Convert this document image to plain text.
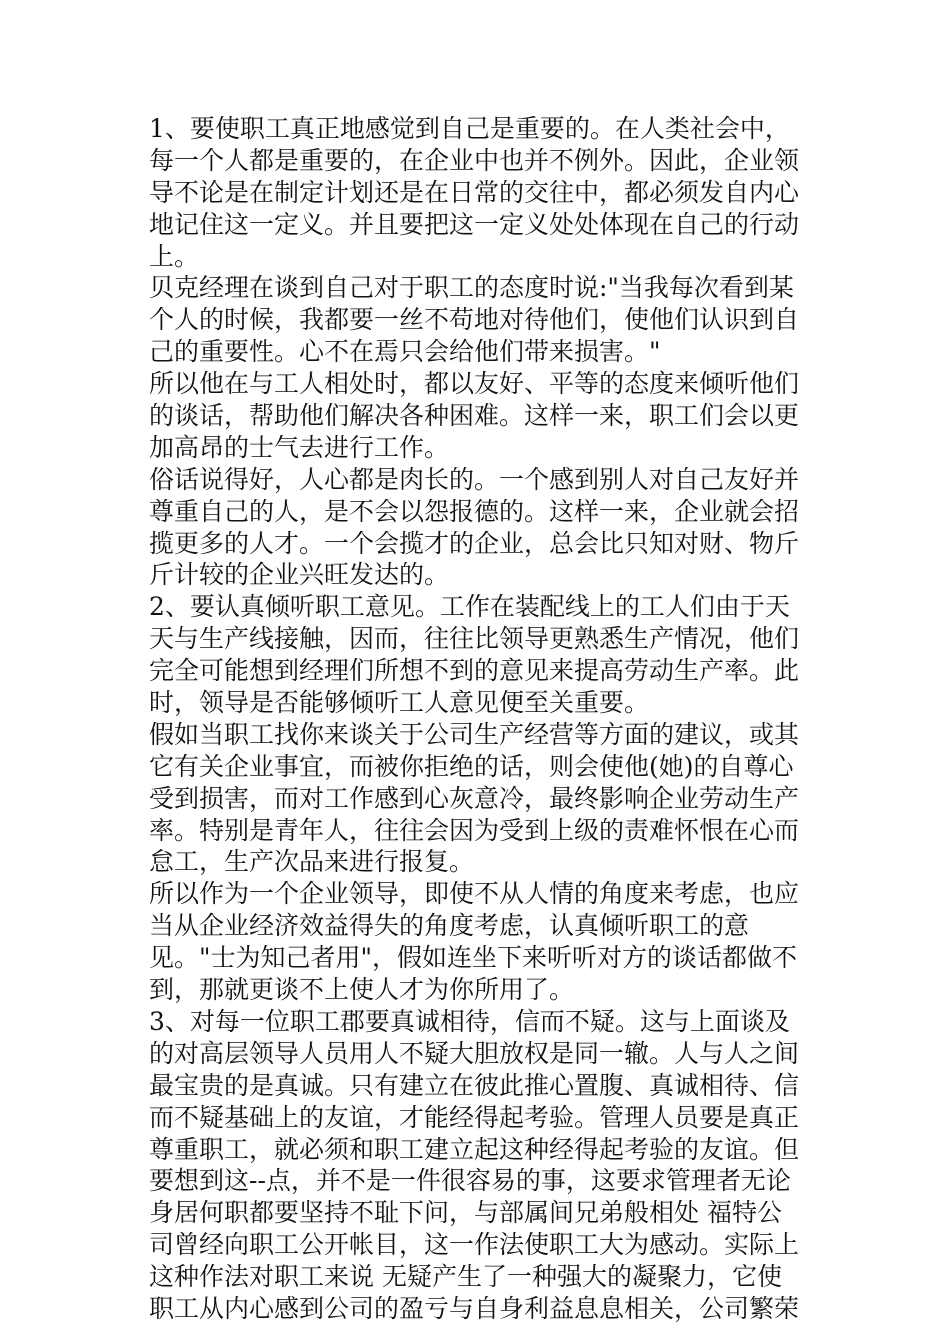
1、要使职工真正地感觉到自己是重要的。在人类社会中，
每一个人都是重要的，在企业中也并不例外。因此，企业领
导不论是在制定计划还是在日常的交往中，都必须发自内心
地记住这一定义。并且要把这一定义处处体现在自己的行动
上。
贝克经理在谈到自己对于职工的态度时说:"当我每次看到某
个人的时候，我都要一丝不苟地对待他们，使他们认识到自
己的重要性。心不在焉只会给他们带来损害。"
所以他在与工人相处时，都以友好、平等的态度来倾听他们
的谈话，帮助他们解决各种困难。这样一来，职工们会以更
加高昂的士气去进行工作。
俗话说得好，人心都是肉长的。一个感到别人对自己友好并
尊重自己的人，是不会以怨报德的。这样一来，企业就会招
揽更多的人才。一个会揽才的企业，总会比只知对财、物斤
斤计较的企业兴旺发达的。
2、要认真倾听职工意见。工作在装配线上的工人们由于天
天与生产线接触，因而，往往比领导更熟悉生产情况，他们
完全可能想到经理们所想不到的意见来提高劳动生产率。此
时，领导是否能够倾听工人意见便至关重要。
假如当职工找你来谈关于公司生产经营等方面的建议，或其
它有关企业事宜，而被你拒绝的话，则会使他(她)的自尊心
受到损害，而对工作感到心灰意冷，最终影响企业劳动生产
率。特别是青年人，往往会因为受到上级的责难怀恨在心而
怠工，生产次品来进行报复。
所以作为一个企业领导，即使不从人情的角度来考虑，也应
当从企业经济效益得失的角度考虑，认真倾听职工的意
见。"士为知己者用"，假如连坐下来听听对方的谈话都做不
到，那就更谈不上使人才为你所用了。
3、对每一位职工郡要真诚相待，信而不疑。这与上面谈及
的对高层领导人员用人不疑大胆放权是同一辙。人与人之间
最宝贵的是真诚。只有建立在彼此推心置腹、真诚相待、信
而不疑基础上的友谊，才能经得起考验。管理人员要是真正
尊重职工，就必须和职工建立起这种经得起考验的友谊。但
要想到这--点，并不是一件很容易的事，这要求管理者无论
身居何职都要坚持不耻下问，与部属间兄弟般相处 福特公
司曾经向职工公开帐目，这一作法使职工大为感动。实际上
这种作法对职工来说 无疑产生了一种强大的凝聚力，它使
职工从内心感到公司的盈亏与自身利益息息相关，公司繁荣
